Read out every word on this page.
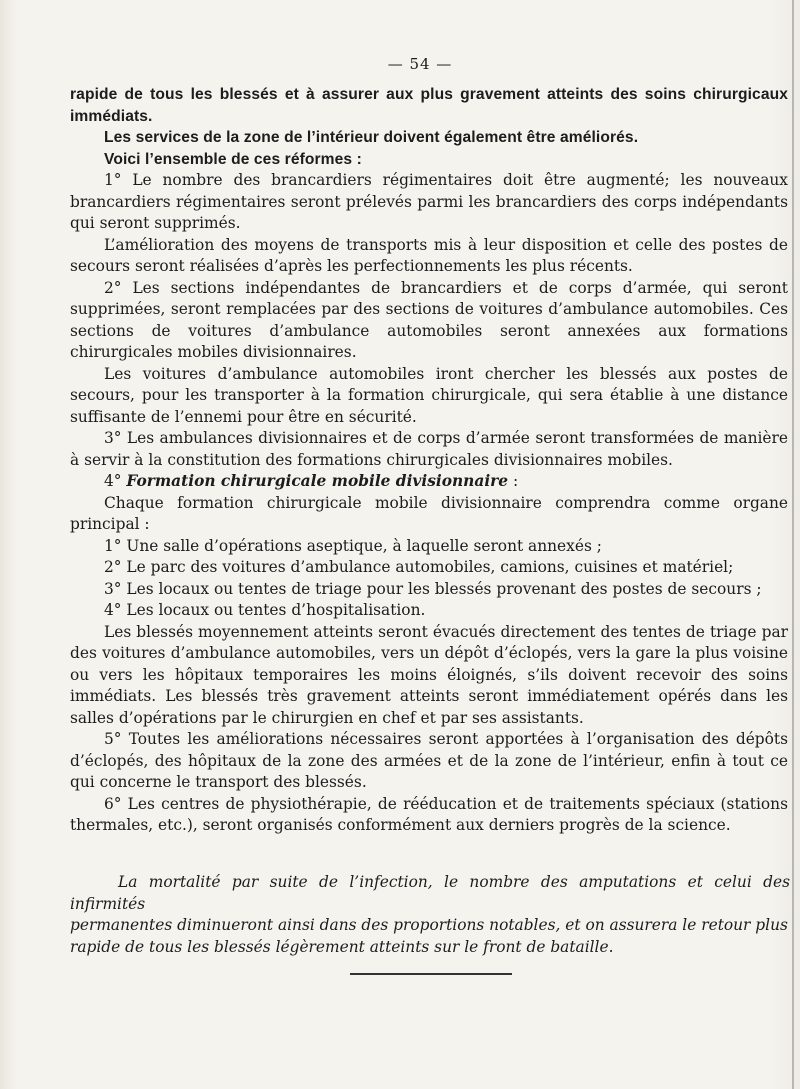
— 54 —

rapide de tous les blessés et à assurer aux plus gravement atteints des soins chirurgicaux immédiats.

Les services de la zone de l’intérieur doivent également être améliorés.

Voici l’ensemble de ces réformes :

1° Le nombre des brancardiers régimentaires doit être augmenté; les nouveaux brancardiers régimentaires seront prélevés parmi les brancardiers des corps indépendants qui seront supprimés.

L’amélioration des moyens de transports mis à leur disposition et celle des postes de secours seront réalisées d’après les perfectionnements les plus récents.

2° Les sections indépendantes de brancardiers et de corps d’armée, qui seront supprimées, seront remplacées par des sections de voitures d’ambulance automobiles. Ces sections de voitures d’ambulance automobiles seront annexées aux formations chirurgicales mobiles divisionnaires.

Les voitures d’ambulance automobiles iront chercher les blessés aux postes de secours, pour les transporter à la formation chirurgicale, qui sera établie à une distance suffisante de l’ennemi pour être en sécurité.

3° Les ambulances divisionnaires et de corps d’armée seront transformées de manière à servir à la constitution des formations chirurgicales divisionnaires mobiles.

4° Formation chirurgicale mobile divisionnaire :

Chaque formation chirurgicale mobile divisionnaire comprendra comme organe principal :

1° Une salle d’opérations aseptique, à laquelle seront annexés ;

2° Le parc des voitures d’ambulance automobiles, camions, cuisines et matériel;

3° Les locaux ou tentes de triage pour les blessés provenant des postes de secours ;

4° Les locaux ou tentes d’hospitalisation.

Les blessés moyennement atteints seront évacués directement des tentes de triage par des voitures d’ambulance automobiles, vers un dépôt d’éclopés, vers la gare la plus voisine ou vers les hôpitaux temporaires les moins éloignés, s’ils doivent recevoir des soins immédiats. Les blessés très gravement atteints seront immédiatement opérés dans les salles d’opérations par le chirurgien en chef et par ses assistants.

5° Toutes les améliorations nécessaires seront apportées à l’organisation des dépôts d’éclopés, des hôpitaux de la zone des armées et de la zone de l’intérieur, enfin à tout ce qui concerne le transport des blessés.

6° Les centres de physiothérapie, de rééducation et de traitements spéciaux (stations thermales, etc.), seront organisés conformément aux derniers progrès de la science.

La mortalité par suite de l’infection, le nombre des amputations et celui des infirmités
permanentes diminueront ainsi dans des proportions notables, et on assurera le retour plus
rapide de tous les blessés légèrement atteints sur le front de bataille.
